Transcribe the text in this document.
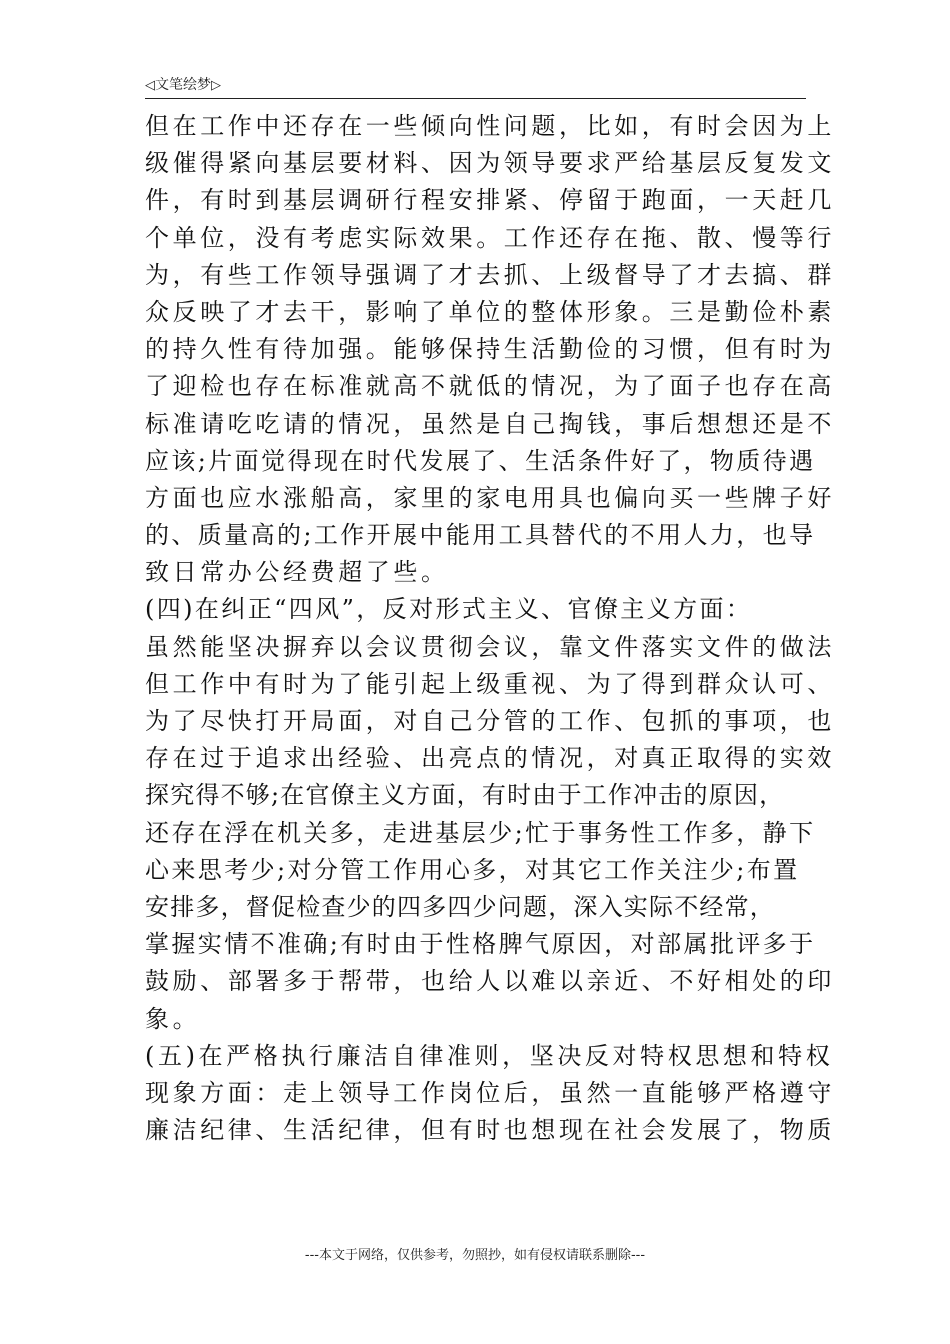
◁文笔绘梦▷
但在工作中还存在一些倾向性问题，比如，有时会因为上
级催得紧向基层要材料、因为领导要求严给基层反复发文
件，有时到基层调研行程安排紧、停留于跑面，一天赶几
个单位，没有考虑实际效果。工作还存在拖、散、慢等行
为，有些工作领导强调了才去抓、上级督导了才去搞、群
众反映了才去干，影响了单位的整体形象。三是勤俭朴素
的持久性有待加强。能够保持生活勤俭的习惯，但有时为
了迎检也存在标准就高不就低的情况，为了面子也存在高
标准请吃吃请的情况，虽然是自己掏钱，事后想想还是不
应该;片面觉得现在时代发展了、生活条件好了，物质待遇
方面也应水涨船高，家里的家电用具也偏向买一些牌子好
的、质量高的;工作开展中能用工具替代的不用人力，也导
致日常办公经费超了些。
(四)在纠正“四风”，反对形式主义、官僚主义方面：
虽然能坚决摒弃以会议贯彻会议，靠文件落实文件的做法
但工作中有时为了能引起上级重视、为了得到群众认可、
为了尽快打开局面，对自己分管的工作、包抓的事项，也
存在过于追求出经验、出亮点的情况，对真正取得的实效
探究得不够;在官僚主义方面，有时由于工作冲击的原因，
还存在浮在机关多，走进基层少;忙于事务性工作多，静下
心来思考少;对分管工作用心多，对其它工作关注少;布置
安排多，督促检查少的四多四少问题，深入实际不经常，
掌握实情不准确;有时由于性格脾气原因，对部属批评多于
鼓励、部署多于帮带，也给人以难以亲近、不好相处的印
象。
(五)在严格执行廉洁自律准则，坚决反对特权思想和特权
现象方面：走上领导工作岗位后，虽然一直能够严格遵守
廉洁纪律、生活纪律，但有时也想现在社会发展了，物质
---本文于网络，仅供参考，勿照抄，如有侵权请联系删除---
